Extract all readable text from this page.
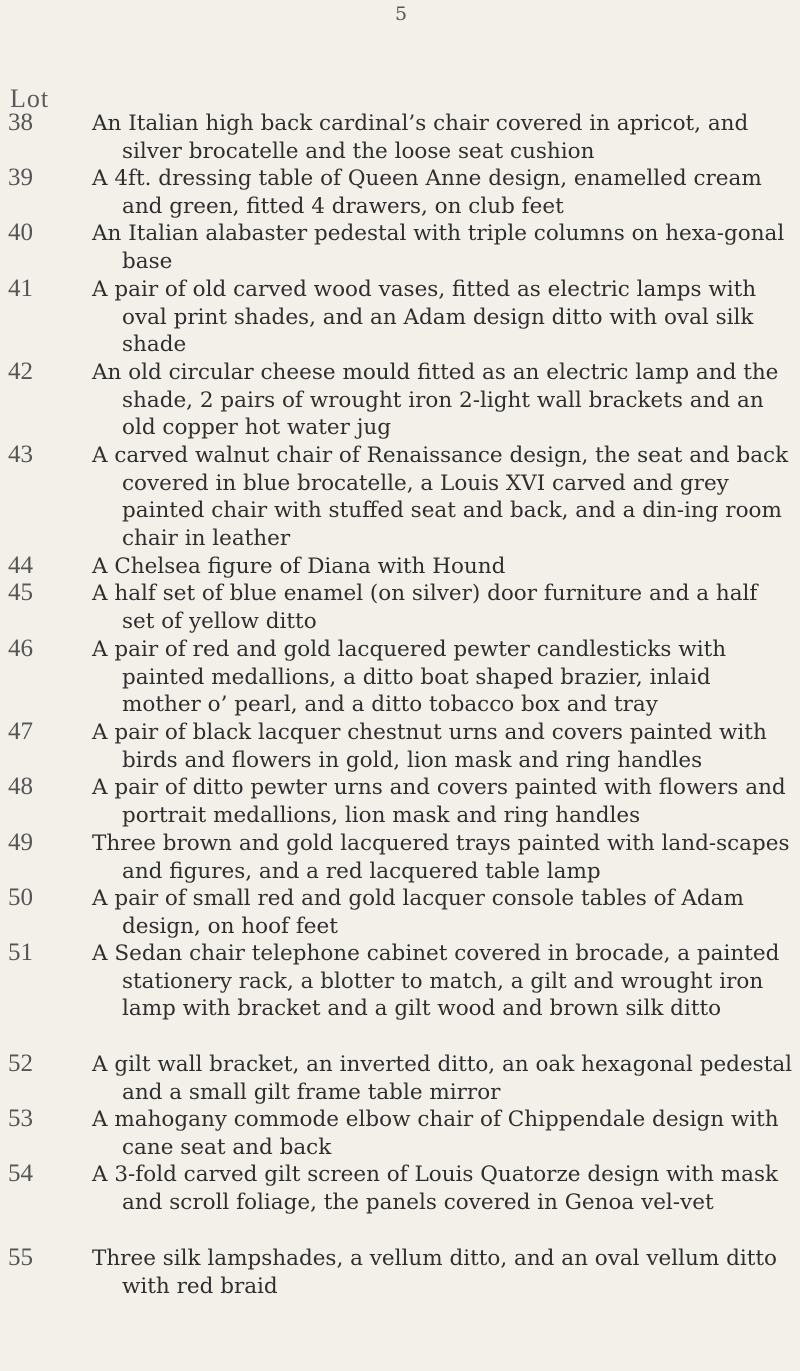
5
Lot
38	An Italian high back cardinal’s chair covered in apricot, and silver brocatelle and the loose seat cushion
39	A 4ft. dressing table of Queen Anne design, enamelled cream and green, fitted 4 drawers, on club feet
40	An Italian alabaster pedestal with triple columns on hexa-gonal base
41	A pair of old carved wood vases, fitted as electric lamps with oval print shades, and an Adam design ditto with oval silk shade
42	An old circular cheese mould fitted as an electric lamp and the shade, 2 pairs of wrought iron 2-light wall brackets and an old copper hot water jug
43	A carved walnut chair of Renaissance design, the seat and back covered in blue brocatelle, a Louis XVI carved and grey painted chair with stuffed seat and back, and a din-ing room chair in leather
44	A Chelsea figure of Diana with Hound
45	A half set of blue enamel (on silver) door furniture and a half set of yellow ditto
46	A pair of red and gold lacquered pewter candlesticks with painted medallions, a ditto boat shaped brazier, inlaid mother o’ pearl, and a ditto tobacco box and tray
47	A pair of black lacquer chestnut urns and covers painted with birds and flowers in gold, lion mask and ring handles
48	A pair of ditto pewter urns and covers painted with flowers and portrait medallions, lion mask and ring handles
49	Three brown and gold lacquered trays painted with land-scapes and figures, and a red lacquered table lamp
50	A pair of small red and gold lacquer console tables of Adam design, on hoof feet
51	A Sedan chair telephone cabinet covered in brocade, a painted stationery rack, a blotter to match, a gilt and wrought iron lamp with bracket and a gilt wood and brown silk ditto
52	A gilt wall bracket, an inverted ditto, an oak hexagonal pedestal and a small gilt frame table mirror
53	A mahogany commode elbow chair of Chippendale design with cane seat and back
54	A 3-fold carved gilt screen of Louis Quatorze design with mask and scroll foliage, the panels covered in Genoa vel-vet
55	Three silk lampshades, a vellum ditto, and an oval vellum ditto with red braid
